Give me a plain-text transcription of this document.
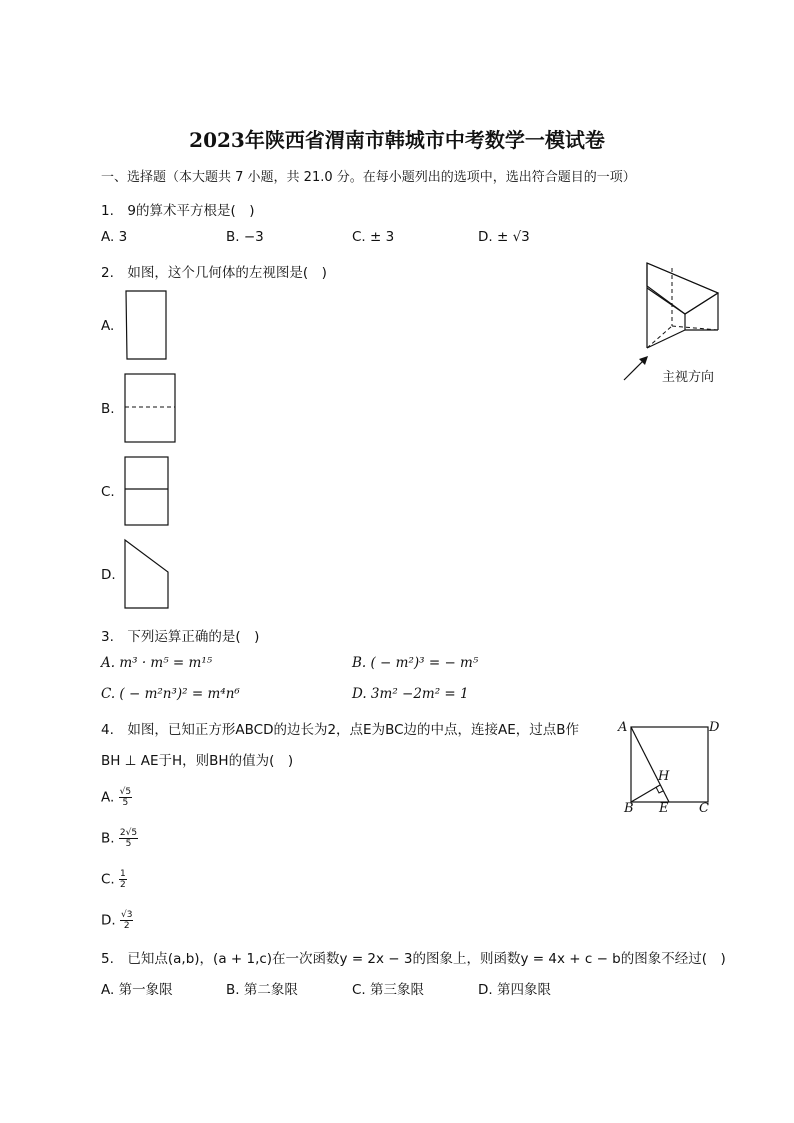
2023年陕西省渭南市韩城市中考数学一模试卷
一、选择题（本大题共 7 小题，共 21.0 分。在每小题列出的选项中，选出符合题目的一项）
1.　9的算术平方根是(　)
A. 3	B. −3	C. ± 3	D. ± √3
2.　如图，这个几何体的左视图是(　)
A.
B.
C.
D.
主视方向
3.　下列运算正确的是(　)
A. m³ · m⁵ = m¹⁵	B. ( − m²)³ = − m⁵
C. ( − m²n³)² = m⁴n⁶	D. 3m² −2m² = 1
4.　如图，已知正方形ABCD的边长为2，点E为BC边的中点，连接AE，过点B作
BH ⊥ AE于H，则BH的值为(　)
A. $\frac{√5}{5}$
B. $\frac{2√5}{5}$
C. $\frac{1}{2}$
D. $\frac{√3}{2}$
A	D
H
B E C
5.　已知点(a,b)，(a + 1,c)在一次函数y = 2x − 3的图象上，则函数y = 4x + c − b的图象不经过(　)
A. 第一象限	B. 第二象限	C. 第三象限	D. 第四象限
